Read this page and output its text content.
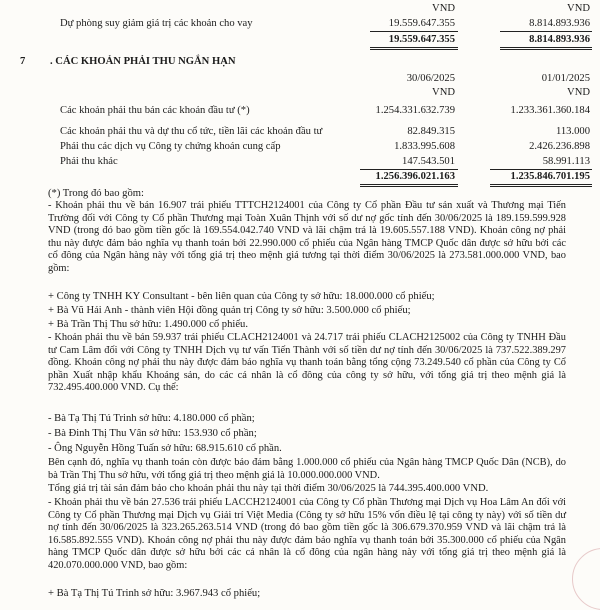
VND	VND
Dự phòng suy giảm giá trị các khoản cho vay	19.559.647.355	8.814.893.936
19.559.647.355	8.814.893.936
7 . CÁC KHOẢN PHẢI THU NGẮN HẠN
30/06/2025	01/01/2025
VND	VND
Các khoản phải thu bán các khoản đầu tư (*)	1.254.331.632.739	1.233.361.360.184
Các khoản phải thu và dự thu cổ tức, tiền lãi các khoản đầu tư	82.849.315	113.000
Phải thu các dịch vụ Công ty chứng khoán cung cấp	1.833.995.608	2.426.236.898
Phải thu khác	147.543.501	58.991.113
1.256.396.021.163	1.235.846.701.195
(*) Trong đó bao gồm:
- Khoản phải thu về bán 16.907 trái phiếu TTTCH2124001 của Công ty Cổ phần Đầu tư sản xuất và Thương mại Tiến Trường đối với Công ty Cổ phần Thương mại Toàn Xuân Thịnh với số dư nợ gốc tính đến 30/06/2025 là 189.159.599.928 VND (trong đó bao gồm tiền gốc là 169.554.042.740 VND và lãi chậm trả là 19.605.557.188 VND). Khoản công nợ phải thu này được đảm bảo nghĩa vụ thanh toán bởi 22.990.000 cổ phiếu của Ngân hàng TMCP Quốc dân được sở hữu bởi các cổ đông của Ngân hàng này với tổng giá trị theo mệnh giá tương tại thời điểm 30/06/2025 là 273.581.000.000 VND, bao gồm:
+ Công ty TNHH KY Consultant - bên liên quan của Công ty sở hữu: 18.000.000 cổ phiếu;
+ Bà Vũ Hải Anh - thành viên Hội đồng quản trị Công ty sở hữu: 3.500.000 cổ phiếu;
+ Bà Trần Thị Thu sở hữu: 1.490.000 cổ phiếu.
- Khoản phải thu về bán 59.937 trái phiếu CLACH2124001 và 24.717 trái phiếu CLACH2125002 của Công ty TNHH Đầu tư Cam Lâm đối với Công ty TNHH Dịch vụ tư vấn Tiến Thành với số tiền dư nợ tính đến 30/06/2025 là 737.522.389.297 đồng. Khoản công nợ phải thu này được đảm bảo nghĩa vụ thanh toán bằng tổng cộng 73.249.540 cổ phần của Công ty Cổ phần Xuất nhập khẩu Khoáng sản, do các cá nhân là cổ đông của công ty sở hữu, với tổng giá trị theo mệnh giá là 732.495.400.000 VND. Cụ thể:
- Bà Tạ Thị Tú Trinh sở hữu: 4.180.000 cổ phần;
- Bà Đinh Thị Thu Vân sở hữu: 153.930 cổ phần;
- Ông Nguyễn Hồng Tuấn sở hữu: 68.915.610 cổ phần.
Bên cạnh đó, nghĩa vụ thanh toán còn được bảo đảm bằng 1.000.000 cổ phiếu của Ngân hàng TMCP Quốc Dân (NCB), do bà Trần Thị Thu sở hữu, với tổng giá trị theo mệnh giá là 10.000.000.000 VND.
Tổng giá trị tài sản đảm bảo cho khoản phải thu này tại thời điểm 30/06/2025 là 744.395.400.000 VND.
- Khoản phải thu về bán 27.536 trái phiếu LACCH2124001 của Công ty Cổ phần Thương mại Dịch vụ Hoa Lâm An đối với Công ty Cổ phần Thương mại Dịch vụ Giải trí Việt Media (Công ty sở hữu 15% vốn điều lệ tại công ty này) với số tiền dư nợ tính đến 30/06/2025 là 323.265.263.514 VND (trong đó bao gồm tiền gốc là 306.679.370.959 VND và lãi chậm trả là 16.585.892.555 VND). Khoản công nợ phải thu này được đảm bảo nghĩa vụ thanh toán bởi 35.300.000 cổ phiếu của Ngân hàng TMCP Quốc dân được sở hữu bởi các cá nhân là cổ đông của ngân hàng này với tổng giá trị theo mệnh giá là 420.070.000.000 VND, bao gồm:
+ Bà Tạ Thị Tú Trinh sở hữu: 3.967.943 cổ phiếu;
